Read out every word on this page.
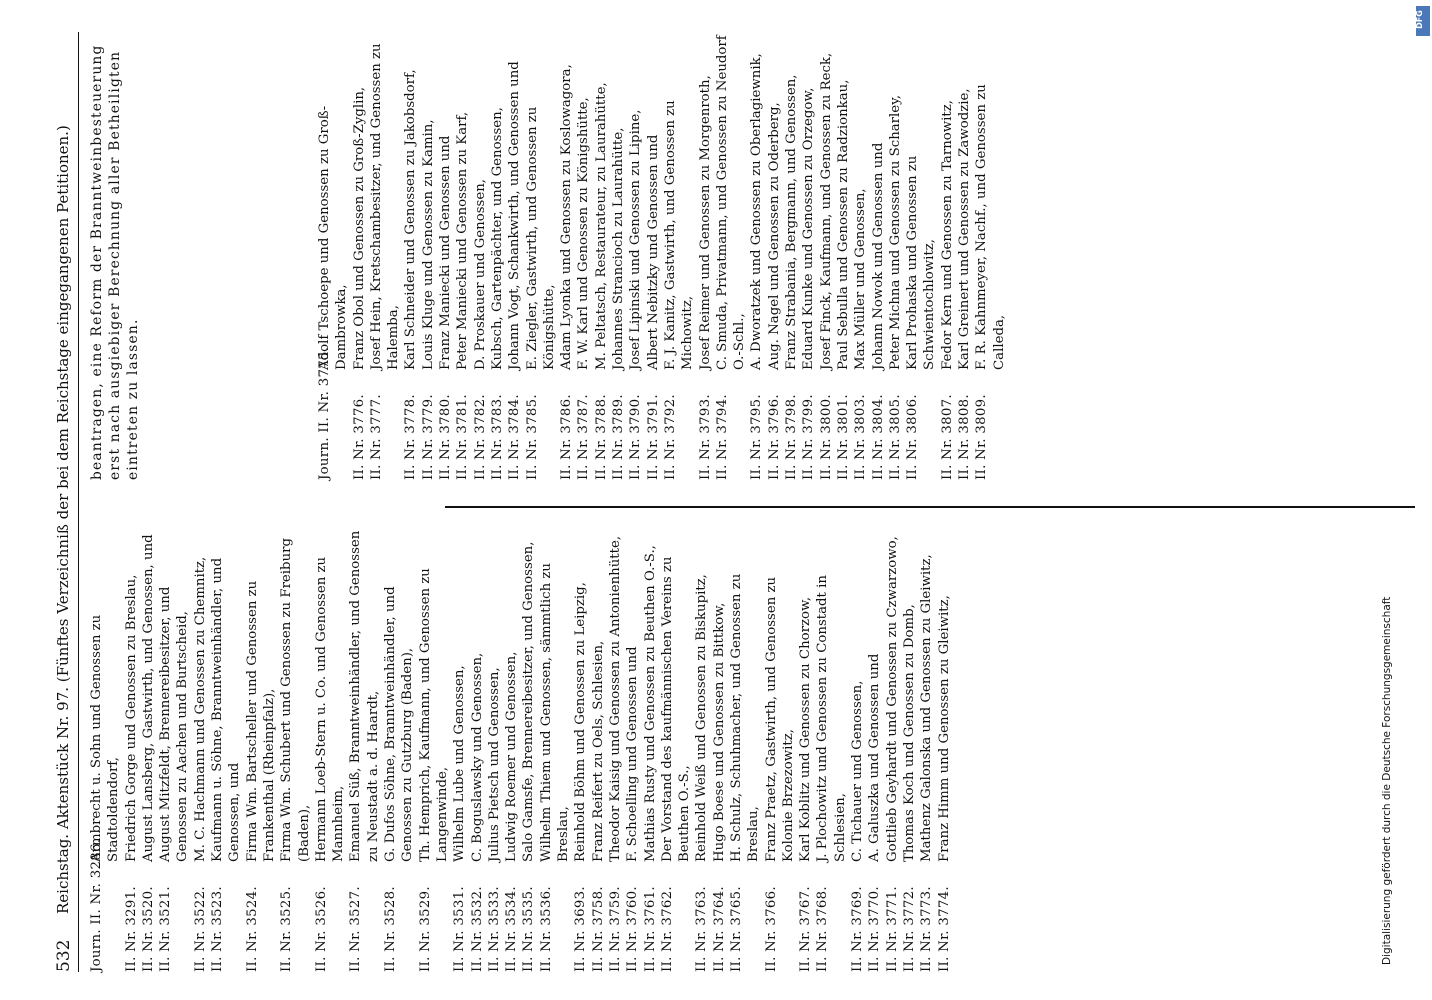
532
Reichstag. Aktenstück Nr. 97. (Fünftes Verzeichniß der bei dem Reichstage eingegangenen Petitionen.) Journ. II. Nr. 3286.
Armbrecht u. Sohn und Genossen zu Stadtoldendorf,
II. Nr. 3291.
Friedrich Gorge und Genossen zu Breslau,
II. Nr. 3520.
August Lansberg, Gastwirth, und Genossen, und
II. Nr. 3521.
August Mitzfeldt, Brennereibesitzer, und Genossen zu Aachen und Burtscheid,
II. Nr. 3522.
M. C. Hachmann und Genossen zu Chemnitz,
II. Nr. 3523.
Kaufmann u. Söhne, Branntweinhändler, und Genossen, und
II. Nr. 3524.
Firma Wm. Bartscheller und Genossen zu Frankenthal (Rheinpfalz),
II. Nr. 3525.
Firma Wm. Schubert und Genossen zu Freiburg (Baden),
II. Nr. 3526.
Hermann Loeb-Stern u. Co. und Genossen zu Mannheim,
II. Nr. 3527.
Emanuel Süß, Branntweinhändler, und Genossen zu Neustadt a. d. Haardt,
II. Nr. 3528.
G. Dufos Söhne, Branntweinhändler, und Genossen zu Gutzburg (Baden),
II. Nr. 3529.
Th. Hemprich, Kaufmann, und Genossen zu Langenwinde,
II. Nr. 3531.
Wilhelm Lube und Genossen,
II. Nr. 3532.
C. Boguslawsky und Genossen,
II. Nr. 3533.
Julius Pietsch und Genossen,
II. Nr. 3534.
Ludwig Roemer und Genossen,
II. Nr. 3535.
Salo Gamsfe, Brennereibesitzer, und Genossen,
II. Nr. 3536.
Wilhelm Thiem und Genossen, sämmtlich zu Breslau,
II. Nr. 3693.
Reinhold Böhm und Genossen zu Leipzig,
II. Nr. 3758.
Franz Reifert zu Oels, Schlesien,
II. Nr. 3759.
Theodor Kaisig und Genossen zu Antonienhütte,
II. Nr. 3760.
F. Schoelling und Genossen und
II. Nr. 3761.
Mathias Rusty und Genossen zu Beuthen O.-S.,
II. Nr. 3762.
Der Vorstand des kaufmännischen Vereins zu Beuthen O.-S.,
II. Nr. 3763.
Reinhold Weiß und Genossen zu Biskupitz,
II. Nr. 3764.
Hugo Boese und Genossen zu Bittkow,
II. Nr. 3765.
H. Schulz, Schuhmacher, und Genossen zu Breslau,
II. Nr. 3766.
Franz Praetz, Gastwirth, und Genossen zu Kolonie Brzezowitz,
II. Nr. 3767.
Karl Koblitz und Genossen zu Chorzow,
II. Nr. 3768.
J. Plochowitz und Genossen zu Constadt in Schlesien,
II. Nr. 3769.
C. Tichauer und Genossen,
II. Nr. 3770.
A. Galuszka und Genossen und
II. Nr. 3771.
Gottlieb Geyhardt und Genossen zu Czwarzowo,
II. Nr. 3772.
Thomas Koch und Genossen zu Domb,
II. Nr. 3773.
Mathenz Galonska und Genossen zu Gleiwitz,
II. Nr. 3774.
Franz Himm und Genossen zu Gleiwitz,
beantragen, eine Reform der Branntweinbesteuerung erst nach ausgiebiger Berechnung aller Betheiligten eintreten zu lassen.	Journ. II. Nr. 3775.
Adolf Tschoepe und Genossen zu Groß-Dambrowka,
II. Nr. 3776.
Franz Obol und Genossen zu Groß-Zyglin,
II. Nr. 3777.
Josef Hein, Kretschambesitzer, und Genossen zu Halemba,
II. Nr. 3778.
Karl Schneider und Genossen zu Jakobsdorf,
II. Nr. 3779.
Louis Kluge und Genossen zu Kamin,
II. Nr. 3780.
Franz Maniecki und Genossen und
II. Nr. 3781.
Peter Maniecki und Genossen zu Karf,
II. Nr. 3782.
D. Proskauer und Genossen,
II. Nr. 3783.
Kubsch, Gartenpächter, und Genossen,
II. Nr. 3784.
Johann Vogt, Schankwirth, und Genossen und
II. Nr. 3785.
E. Ziegler, Gastwirth, und Genossen zu Königshütte,
II. Nr. 3786.
Adam Lyonka und Genossen zu Koslowagora,
II. Nr. 3787.
F. W. Karl und Genossen zu Königshütte,
II. Nr. 3788.
M. Peltatsch, Restaurateur, zu Laurahütte,
II. Nr. 3789.
Johannes Strancioch zu Laurahütte,
II. Nr. 3790.
Josef Lipinski und Genossen zu Lipine,
II. Nr. 3791.
Albert Nebitzky und Genossen und
II. Nr. 3792.
F. J. Kanitz, Gastwirth, und Genossen zu Michowitz,
II. Nr. 3793.
Josef Reimer und Genossen zu Morgenroth,
II. Nr. 3794.
C. Smuda, Privatmann, und Genossen zu Neudorf O.-Schl.,
II. Nr. 3795.
A. Dworatzek und Genossen zu Oberlagiewnik,
II. Nr. 3796.
Aug. Nagel und Genossen zu Oderberg,
II. Nr. 3798.
Franz Strabania, Bergmann, und Genossen,
II. Nr. 3799.
Eduard Kunke und Genossen zu Orzegow,
II. Nr. 3800.
Josef Finck, Kaufmann, und Genossen zu Reck,
II. Nr. 3801.
Paul Sebulla und Genossen zu Radzionkau,
II. Nr. 3803.
Max Müller und Genossen,
II. Nr. 3804.
Johann Nowok und Genossen und
II. Nr. 3805.
Peter Michna und Genossen zu Scharley,
II. Nr. 3806.
Karl Prohaska und Genossen zu Schwientochlowitz,
II. Nr. 3807.
Fedor Kern und Genossen zu Tarnowitz,
II. Nr. 3808.
Karl Greinert und Genossen zu Zawodzie,
II. Nr. 3809.
F. R. Kahnmeyer, Nachf., und Genossen zu Calleda,
Digitalisierung gefördert durch die Deutsche Forschungsgemeinschaft
DFG
